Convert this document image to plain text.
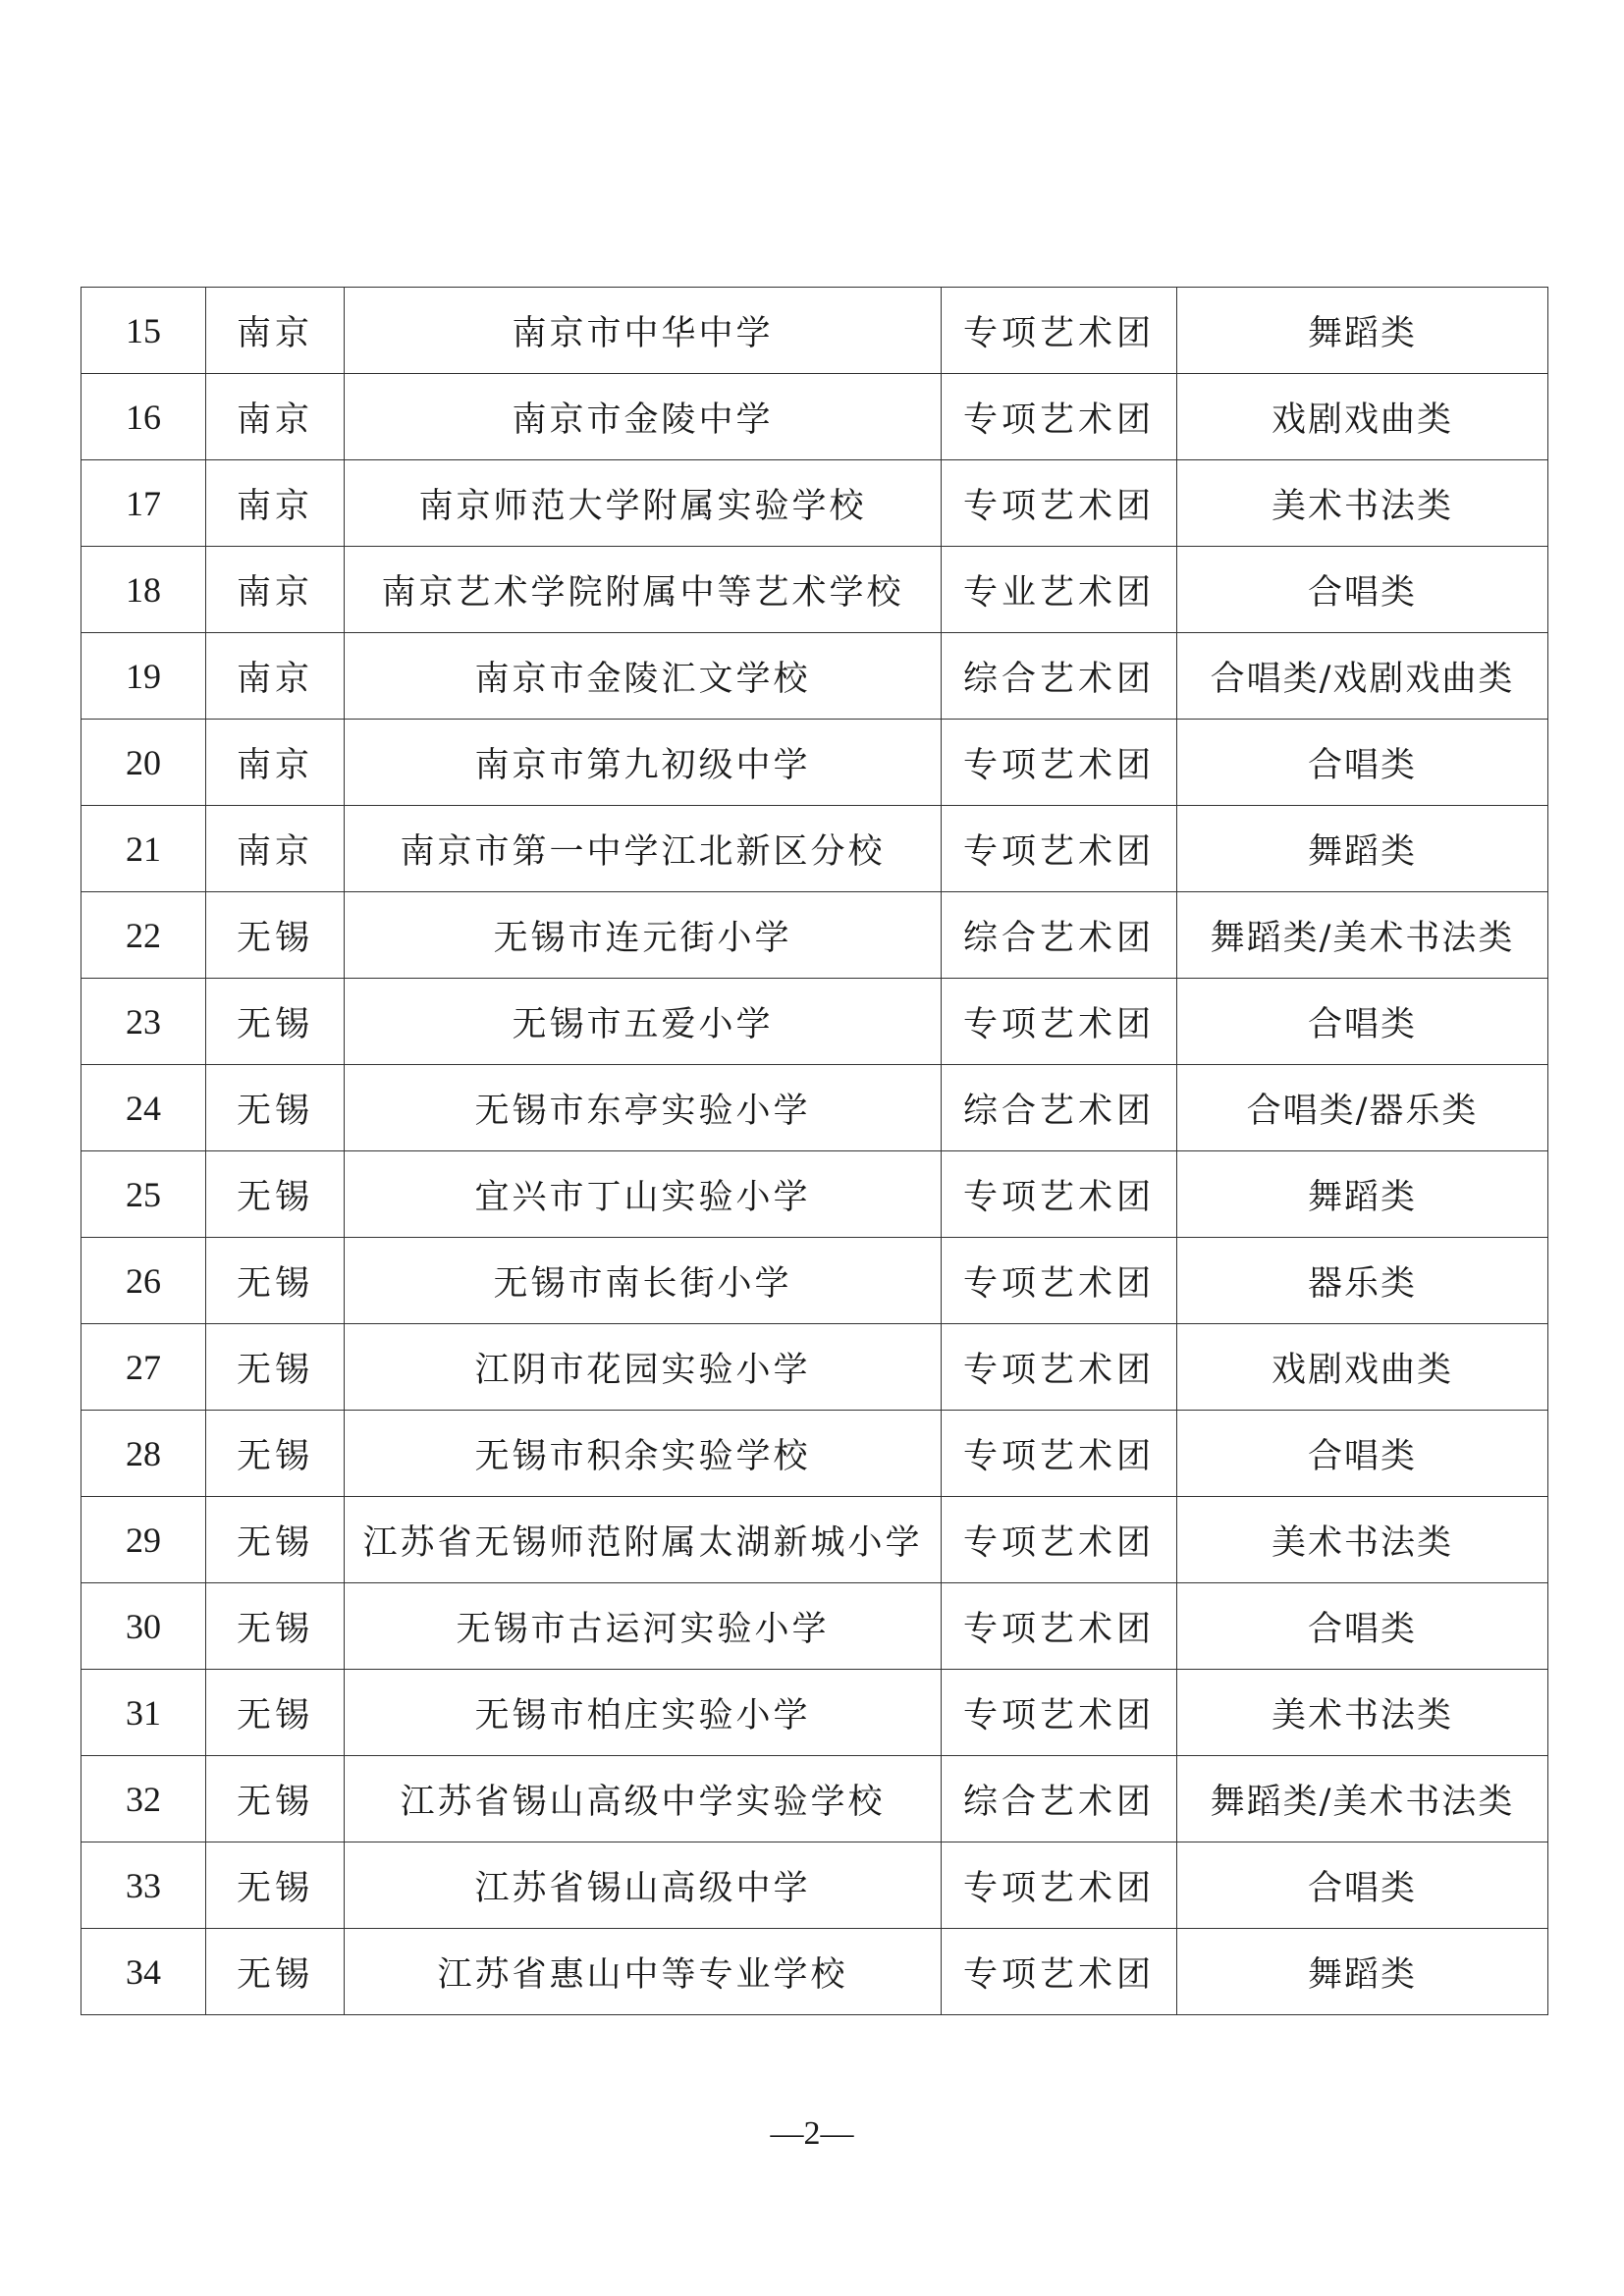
15	南京	南京市中华中学	专项艺术团	舞蹈类
16	南京	南京市金陵中学	专项艺术团	戏剧戏曲类
17	南京	南京师范大学附属实验学校	专项艺术团	美术书法类
18	南京	南京艺术学院附属中等艺术学校	专业艺术团	合唱类
19	南京	南京市金陵汇文学校	综合艺术团	合唱类/戏剧戏曲类
20	南京	南京市第九初级中学	专项艺术团	合唱类
21	南京	南京市第一中学江北新区分校	专项艺术团	舞蹈类
22	无锡	无锡市连元街小学	综合艺术团	舞蹈类/美术书法类
23	无锡	无锡市五爱小学	专项艺术团	合唱类
24	无锡	无锡市东亭实验小学	综合艺术团	合唱类/器乐类
25	无锡	宜兴市丁山实验小学	专项艺术团	舞蹈类
26	无锡	无锡市南长街小学	专项艺术团	器乐类
27	无锡	江阴市花园实验小学	专项艺术团	戏剧戏曲类
28	无锡	无锡市积余实验学校	专项艺术团	合唱类
29	无锡	江苏省无锡师范附属太湖新城小学	专项艺术团	美术书法类
30	无锡	无锡市古运河实验小学	专项艺术团	合唱类
31	无锡	无锡市柏庄实验小学	专项艺术团	美术书法类
32	无锡	江苏省锡山高级中学实验学校	综合艺术团	舞蹈类/美术书法类
33	无锡	江苏省锡山高级中学	专项艺术团	合唱类
34	无锡	江苏省惠山中等专业学校	专项艺术团	舞蹈类
—2—
